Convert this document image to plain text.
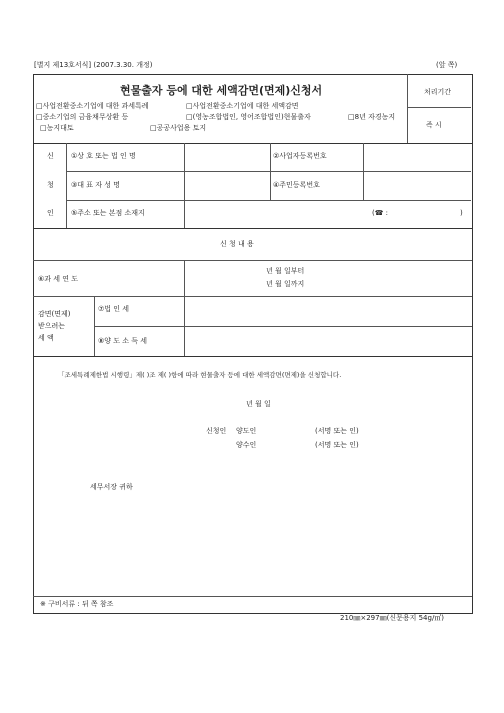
[별지 제13호서식] (2007.3.30. 개정)	(앞 쪽)
현물출자 등에 대한 세액감면(면제)신청서	처리기간
즉 시
□사업전환중소기업에 대한 과세특례	□사업전환중소기업에 대한 세액감면
□중소기업의 금융채무상환 등	□(영농조합법인, 영어조합법인)현물출자	□8년 자경농지
□농지대토	□공공사업용 토지
신
청
인
①상 호 또는 법 인 명	②사업자등록번호
③대 표 자 성 명	④주민등록번호
⑤주소 또는 본점 소재지	(☎ :	)
신 청 내 용
⑥과 세 연 도
년 월 일부터
년 월 일까지
감면(면제)
받으려는
세 액
⑦법 인 세
⑧양 도 소 득 세
「조세특례제한법 시행령」제( )조 제( )항에 따라 현물출자 등에 대한 세액감면(면제)을 신청합니다.
년 월 일
신청인 양도인	(서명 또는 인)
양수인	(서명 또는 인)
세무서장 귀하
※ 구비서류 : 뒤 쪽 참조
210㎜×297㎜(신문용지 54g/㎡)
